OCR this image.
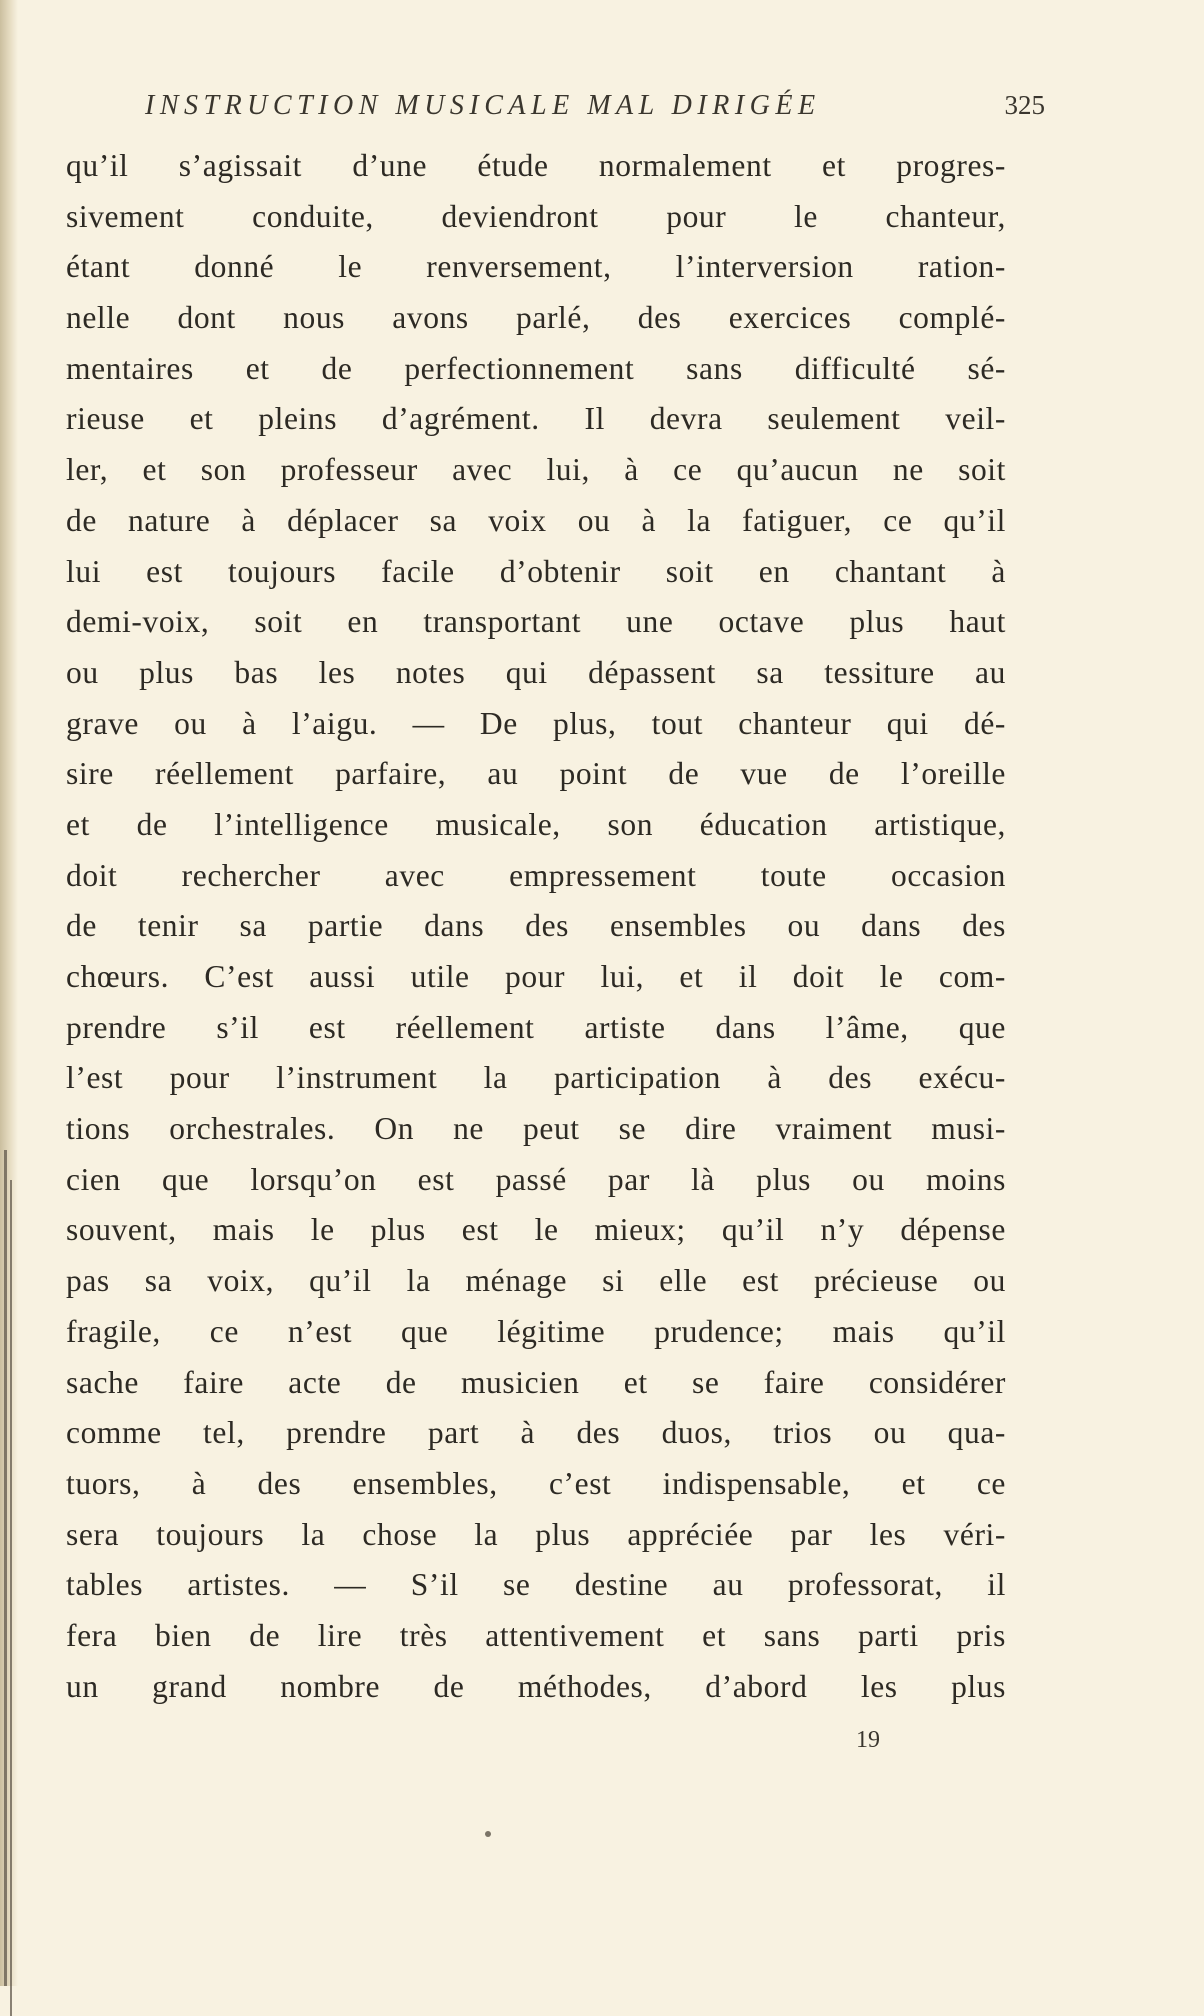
INSTRUCTION MUSICALE MAL DIRIGÉE	325
qu’il s’agissait d’une étude normalement et progres-
sivement conduite, deviendront pour le chanteur,
étant donné le renversement, l’interversion ration-
nelle dont nous avons parlé, des exercices complé-
mentaires et de perfectionnement sans difficulté sé-
rieuse et pleins d’agrément. Il devra seulement veil-
ler, et son professeur avec lui, à ce qu’aucun ne soit
de nature à déplacer sa voix ou à la fatiguer, ce qu’il
lui est toujours facile d’obtenir soit en chantant à
demi-voix, soit en transportant une octave plus haut
ou plus bas les notes qui dépassent sa tessiture au
grave ou à l’aigu. — De plus, tout chanteur qui dé-
sire réellement parfaire, au point de vue de l’oreille
et de l’intelligence musicale, son éducation artistique,
doit rechercher avec empressement toute occasion
de tenir sa partie dans des ensembles ou dans des
chœurs. C’est aussi utile pour lui, et il doit le com-
prendre s’il est réellement artiste dans l’âme, que
l’est pour l’instrument la participation à des exécu-
tions orchestrales. On ne peut se dire vraiment musi-
cien que lorsqu’on est passé par là plus ou moins
souvent, mais le plus est le mieux; qu’il n’y dépense
pas sa voix, qu’il la ménage si elle est précieuse ou
fragile, ce n’est que légitime prudence; mais qu’il
sache faire acte de musicien et se faire considérer
comme tel, prendre part à des duos, trios ou qua-
tuors, à des ensembles, c’est indispensable, et ce
sera toujours la chose la plus appréciée par les véri-
tables artistes. — S’il se destine au professorat, il
fera bien de lire très attentivement et sans parti pris
un grand nombre de méthodes, d’abord les plus
19
